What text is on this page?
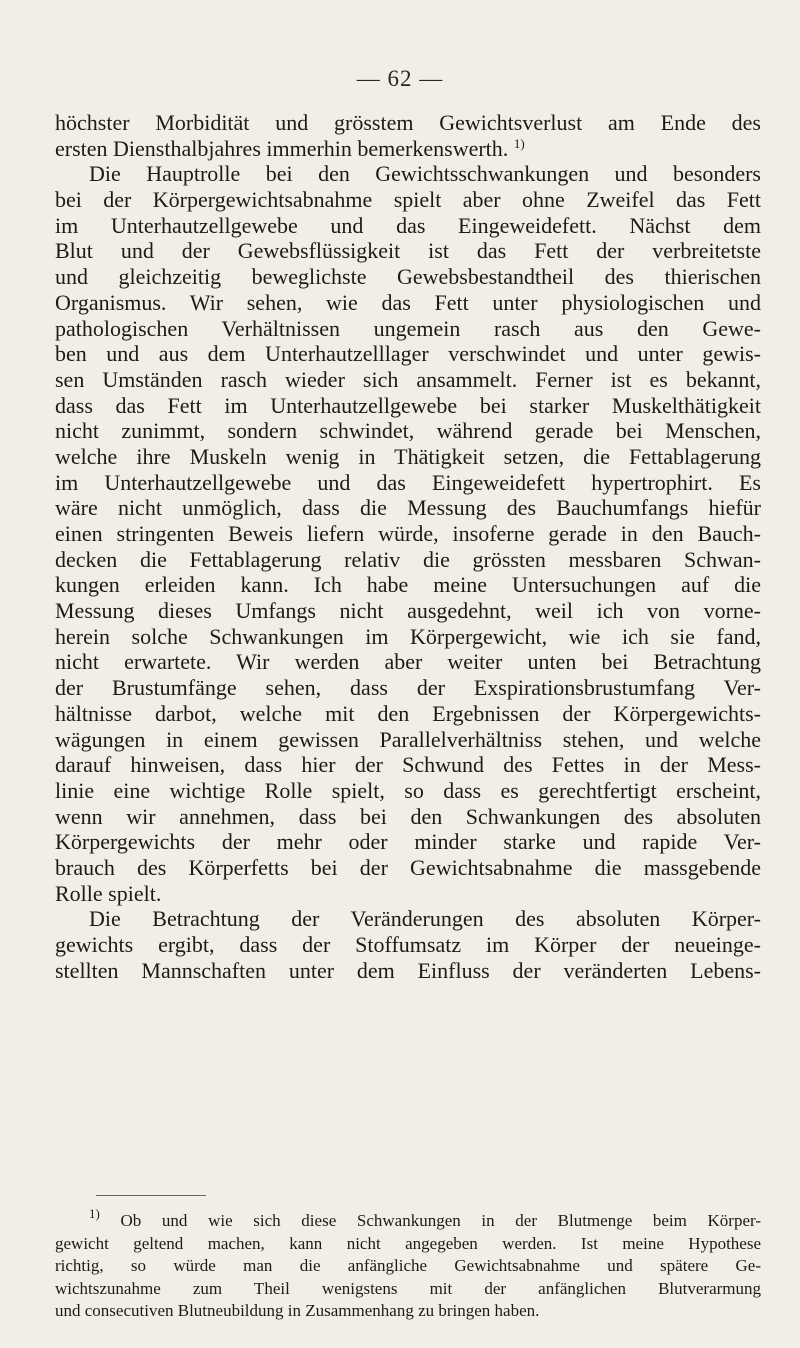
— 62 —
höchster Morbidität und grösstem Gewichtsverlust am Ende des
ersten Diensthalbjahres immerhin bemerkenswerth. $^{1)}$
Die Hauptrolle bei den Gewichtsschwankungen und besonders
bei der Körpergewichtsabnahme spielt aber ohne Zweifel das Fett
im Unterhautzellgewebe und das Eingeweidefett. Nächst dem
Blut und der Gewebsflüssigkeit ist das Fett der verbreitetste
und gleichzeitig beweglichste Gewebsbestandtheil des thierischen
Organismus. Wir sehen, wie das Fett unter physiologischen und
pathologischen Verhältnissen ungemein rasch aus den Gewe-
ben und aus dem Unterhautzelllager verschwindet und unter gewis-
sen Umständen rasch wieder sich ansammelt. Ferner ist es bekannt,
dass das Fett im Unterhautzellgewebe bei starker Muskelthätigkeit
nicht zunimmt, sondern schwindet, während gerade bei Menschen,
welche ihre Muskeln wenig in Thätigkeit setzen, die Fettablagerung
im Unterhautzellgewebe und das Eingeweidefett hypertrophirt. Es
wäre nicht unmöglich, dass die Messung des Bauchumfangs hiefür
einen stringenten Beweis liefern würde, insoferne gerade in den Bauch-
decken die Fettablagerung relativ die grössten messbaren Schwan-
kungen erleiden kann. Ich habe meine Untersuchungen auf die
Messung dieses Umfangs nicht ausgedehnt, weil ich von vorne-
herein solche Schwankungen im Körpergewicht, wie ich sie fand,
nicht erwartete. Wir werden aber weiter unten bei Betrachtung
der Brustumfänge sehen, dass der Exspirationsbrustumfang Ver-
hältnisse darbot, welche mit den Ergebnissen der Körpergewichts-
wägungen in einem gewissen Parallelverhältniss stehen, und welche
darauf hinweisen, dass hier der Schwund des Fettes in der Mess-
linie eine wichtige Rolle spielt, so dass es gerechtfertigt erscheint,
wenn wir annehmen, dass bei den Schwankungen des absoluten
Körpergewichts der mehr oder minder starke und rapide Ver-
brauch des Körperfetts bei der Gewichtsabnahme die massgebende
Rolle spielt.
Die Betrachtung der Veränderungen des absoluten Körper-
gewichts ergibt, dass der Stoffumsatz im Körper der neueinge-
stellten Mannschaften unter dem Einfluss der veränderten Lebens-
$^{1)}$ Ob und wie sich diese Schwankungen in der Blutmenge beim Körper-
gewicht geltend machen, kann nicht angegeben werden. Ist meine Hypothese
richtig, so würde man die anfängliche Gewichtsabnahme und spätere Ge-
wichtszunahme zum Theil wenigstens mit der anfänglichen Blutverarmung
und consecutiven Blutneubildung in Zusammenhang zu bringen haben.
